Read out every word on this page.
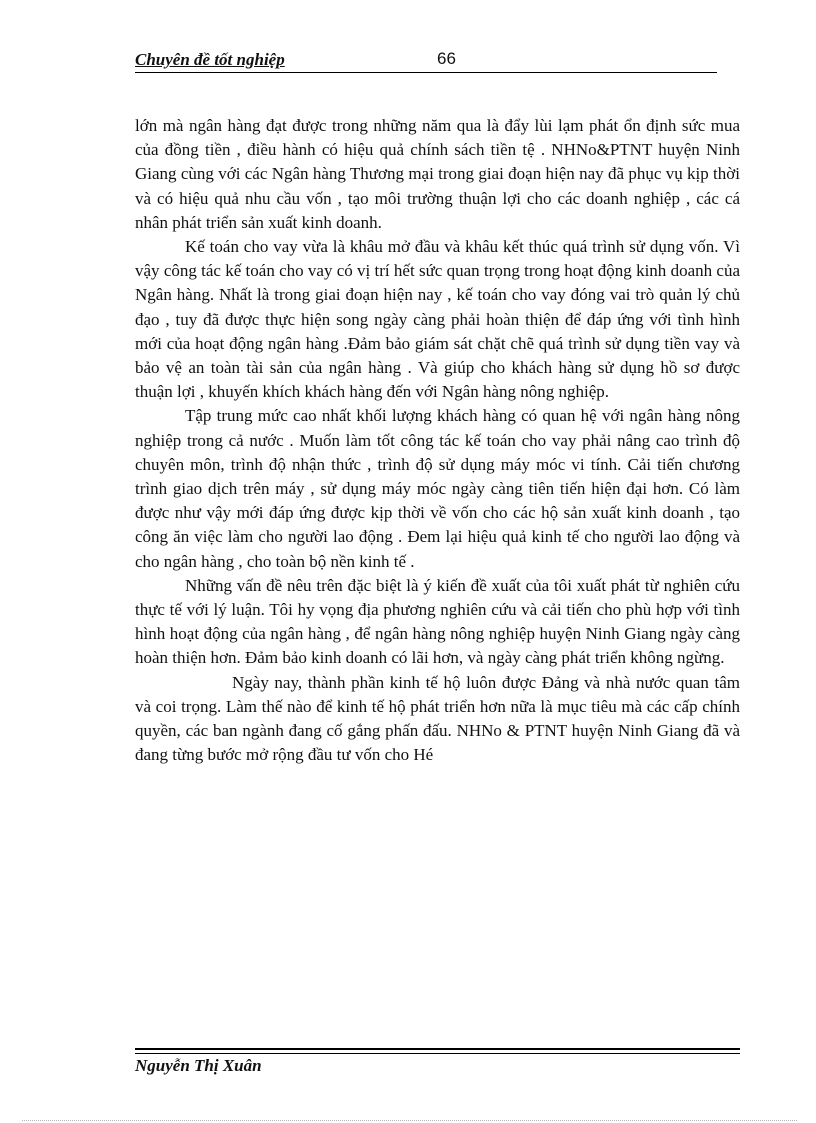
Chuyên đề tốt nghiệp	66

lớn mà ngân hàng đạt được trong những năm qua là đẩy lùi lạm phát ổn định sức mua của đồng tiền , điều hành có hiệu quả chính sách tiền tệ . NHNo&PTNT huyện Ninh Giang cùng với các Ngân hàng Thương mại trong giai đoạn hiện nay đã phục vụ kịp thời và có hiệu quả nhu cầu vốn , tạo môi trường thuận lợi cho các doanh nghiệp , các cá nhân phát triển sản xuất kinh doanh.

Kế toán cho vay vừa là khâu mở đầu và khâu kết thúc quá trình sử dụng vốn. Vì vậy công tác kế toán cho vay có vị trí hết sức quan trọng trong hoạt động kinh doanh của Ngân hàng. Nhất là trong giai đoạn hiện nay , kế toán cho vay đóng vai trò quản lý chủ đạo , tuy đã được thực hiện song ngày càng phải hoàn thiện để đáp ứng với tình hình mới của hoạt động ngân hàng .Đảm bảo giám sát chặt chẽ quá trình sử dụng tiền vay và bảo vệ an toàn tài sản của ngân hàng . Và giúp cho khách hàng sử dụng hồ sơ được thuận lợi , khuyến khích khách hàng đến với Ngân hàng nông nghiệp.

Tập trung mức cao nhất khối lượng khách hàng có quan hệ với ngân hàng nông nghiệp trong cả nước . Muốn làm tốt công tác kế toán cho vay phải nâng cao trình độ chuyên môn, trình độ nhận thức , trình độ sử dụng máy móc vi tính. Cải tiến chương trình giao dịch trên máy , sử dụng máy móc ngày càng tiên tiến hiện đại hơn. Có làm được như vậy mới đáp ứng được kịp thời về vốn cho các hộ sản xuất kinh doanh , tạo công ăn việc làm cho người lao động . Đem lại hiệu quả kinh tế cho người lao động và cho ngân hàng , cho toàn bộ nền kinh tế .

Những vấn đề nêu trên đặc biệt là ý kiến đề xuất của tôi xuất phát từ nghiên cứu thực tế với lý luận. Tôi hy vọng địa phương nghiên cứu và cải tiến cho phù hợp với tình hình hoạt động của ngân hàng , để ngân hàng nông nghiệp huyện Ninh Giang ngày càng hoàn thiện hơn. Đảm bảo kinh doanh có lãi hơn, và ngày càng phát triển không ngừng.

Ngày nay, thành phần kinh tế hộ luôn được Đảng và nhà nước quan tâm và coi trọng. Làm thế nào để kinh tế hộ phát triển hơn nữa là mục tiêu mà các cấp chính quyền, các ban ngành đang cố gắng phấn đấu. NHNo & PTNT huyện Ninh Giang đã và đang từng bước mở rộng đầu tư vốn cho Hé

Nguyễn Thị Xuân
